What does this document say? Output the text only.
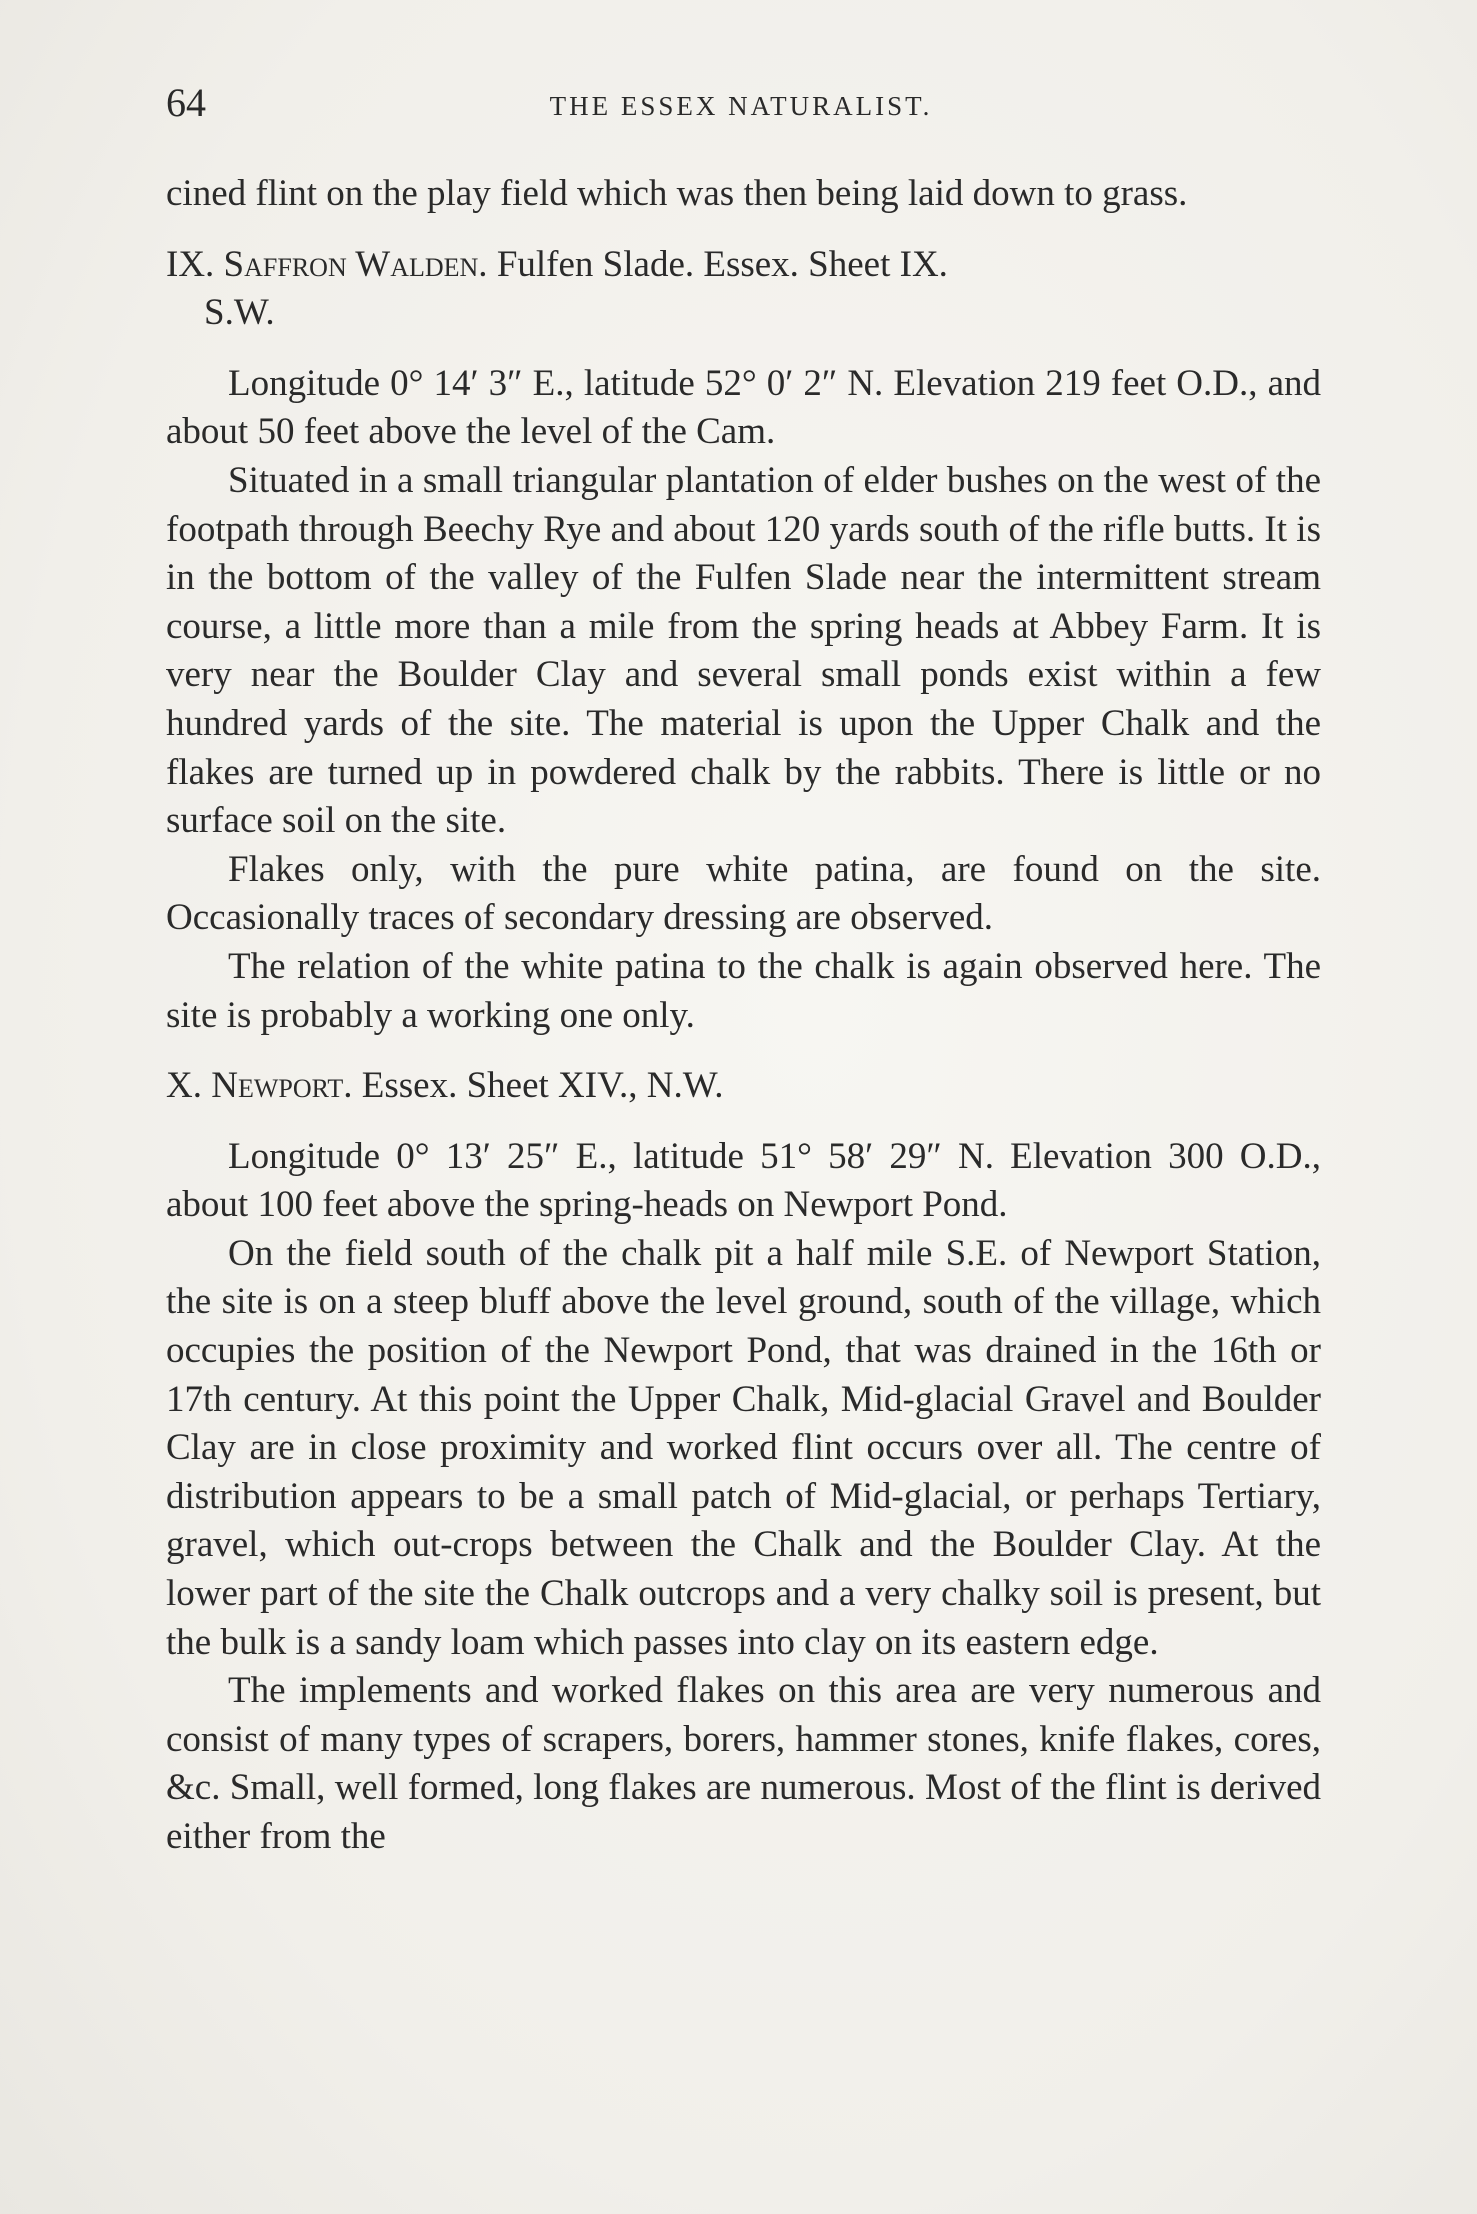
64	THE ESSEX NATURALIST.

cined flint on the play field which was then being laid down to grass.

IX. Saffron Walden. Fulfen Slade. Essex. Sheet IX.

S.W.

Longitude 0° 14′ 3″ E., latitude 52° 0′ 2″ N. Elevation 219 feet O.D., and about 50 feet above the level of the Cam.

Situated in a small triangular plantation of elder bushes on the west of the footpath through Beechy Rye and about 120 yards south of the rifle butts. It is in the bottom of the valley of the Fulfen Slade near the intermittent stream course, a little more than a mile from the spring heads at Abbey Farm. It is very near the Boulder Clay and several small ponds exist within a few hundred yards of the site. The material is upon the Upper Chalk and the flakes are turned up in powdered chalk by the rabbits. There is little or no surface soil on the site.

Flakes only, with the pure white patina, are found on the site. Occasionally traces of secondary dressing are observed.

The relation of the white patina to the chalk is again observed here. The site is probably a working one only.

X. Newport. Essex. Sheet XIV., N.W.

Longitude 0° 13′ 25″ E., latitude 51° 58′ 29″ N. Elevation 300 O.D., about 100 feet above the spring-heads on Newport Pond.

On the field south of the chalk pit a half mile S.E. of Newport Station, the site is on a steep bluff above the level ground, south of the village, which occupies the position of the Newport Pond, that was drained in the 16th or 17th century. At this point the Upper Chalk, Mid-glacial Gravel and Boulder Clay are in close proximity and worked flint occurs over all. The centre of distribution appears to be a small patch of Mid-glacial, or perhaps Tertiary, gravel, which out-crops between the Chalk and the Boulder Clay. At the lower part of the site the Chalk outcrops and a very chalky soil is present, but the bulk is a sandy loam which passes into clay on its eastern edge.

The implements and worked flakes on this area are very numerous and consist of many types of scrapers, borers, hammer stones, knife flakes, cores, &c. Small, well formed, long flakes are numerous. Most of the flint is derived either from the
